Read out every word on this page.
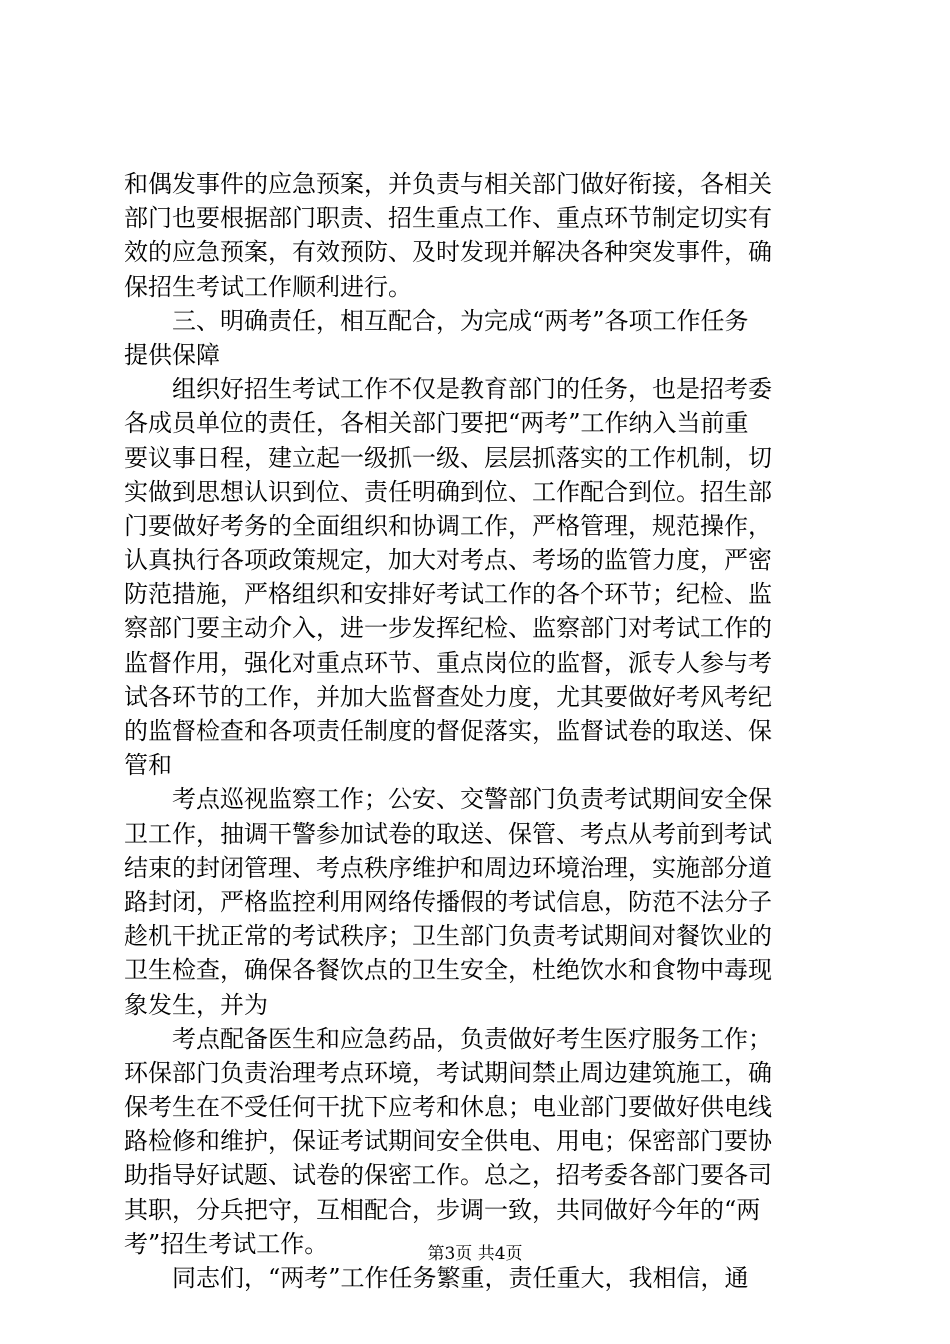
和偶发事件的应急预案，并负责与相关部门做好衔接，各相关
部门也要根据部门职责、招生重点工作、重点环节制定切实有
效的应急预案，有效预防、及时发现并解决各种突发事件，确
保招生考试工作顺利进行。
　　三、明确责任，相互配合，为完成“两考”各项工作任务
提供保障
　　组织好招生考试工作不仅是教育部门的任务，也是招考委
各成员单位的责任，各相关部门要把“两考”工作纳入当前重
要议事日程，建立起一级抓一级、层层抓落实的工作机制，切
实做到思想认识到位、责任明确到位、工作配合到位。招生部
门要做好考务的全面组织和协调工作，严格管理，规范操作，
认真执行各项政策规定，加大对考点、考场的监管力度，严密
防范措施，严格组织和安排好考试工作的各个环节；纪检、监
察部门要主动介入，进一步发挥纪检、监察部门对考试工作的
监督作用，强化对重点环节、重点岗位的监督，派专人参与考
试各环节的工作，并加大监督查处力度，尤其要做好考风考纪
的监督检查和各项责任制度的督促落实，监督试卷的取送、保
管和
　　考点巡视监察工作；公安、交警部门负责考试期间安全保
卫工作，抽调干警参加试卷的取送、保管、考点从考前到考试
结束的封闭管理、考点秩序维护和周边环境治理，实施部分道
路封闭，严格监控利用网络传播假的考试信息，防范不法分子
趁机干扰正常的考试秩序；卫生部门负责考试期间对餐饮业的
卫生检查，确保各餐饮点的卫生安全，杜绝饮水和食物中毒现
象发生，并为
　　考点配备医生和应急药品，负责做好考生医疗服务工作；
环保部门负责治理考点环境，考试期间禁止周边建筑施工，确
保考生在不受任何干扰下应考和休息；电业部门要做好供电线
路检修和维护，保证考试期间安全供电、用电；保密部门要协
助指导好试题、试卷的保密工作。总之，招考委各部门要各司
其职，分兵把守，互相配合，步调一致，共同做好今年的“两
考”招生考试工作。
　　同志们，“两考”工作任务繁重，责任重大，我相信，通
第3页 共4页
